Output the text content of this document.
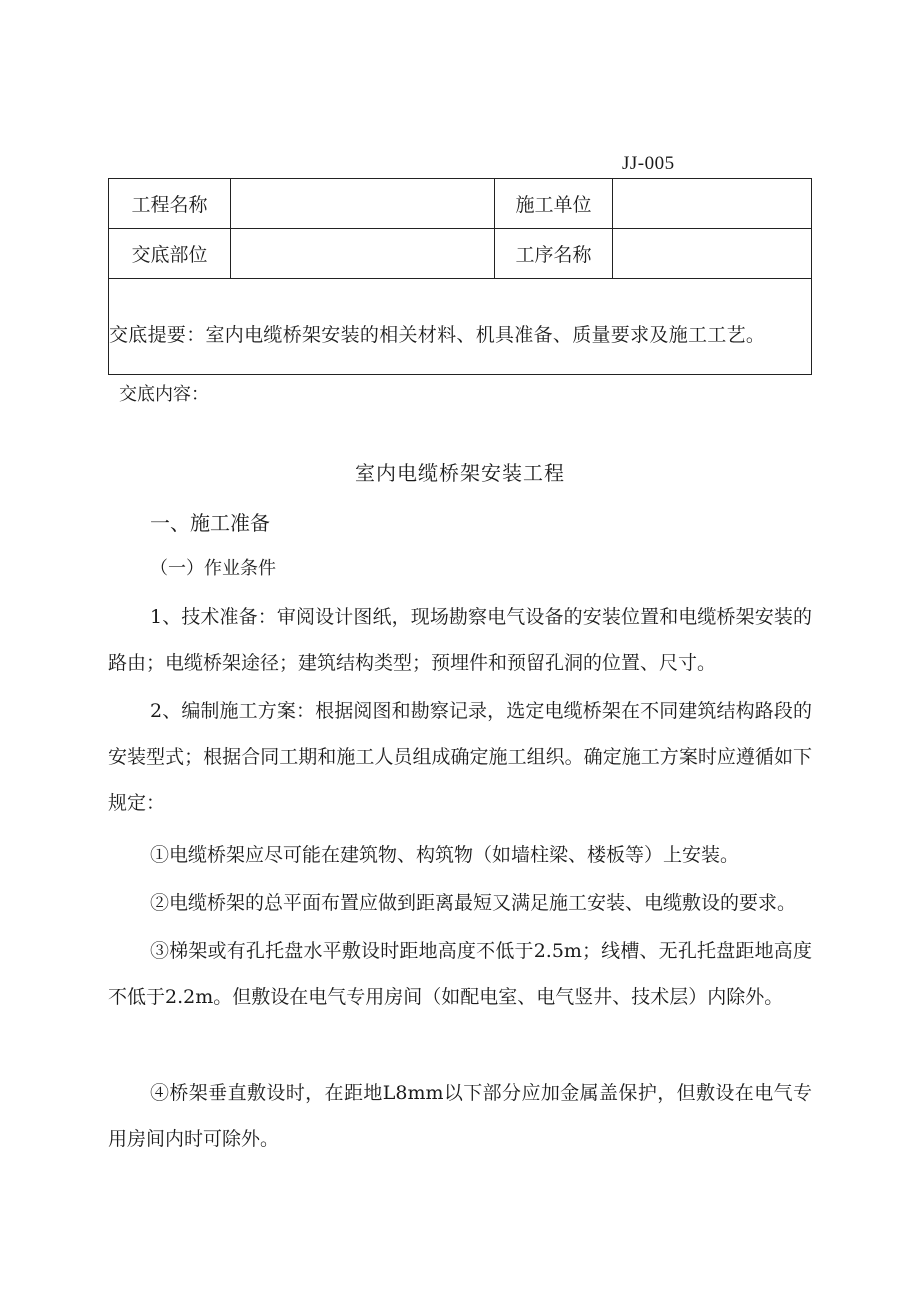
JJ-005
工程名称		施工单位	
交底部位		工序名称	
交底提要：室内电缆桥架安装的相关材料、机具准备、质量要求及施工工艺。			
交底内容：
室内电缆桥架安装工程
一、施工准备
（一）作业条件

1、技术准备：审阅设计图纸，现场勘察电气设备的安装位置和电缆桥架安装的路由；电缆桥架途径；建筑结构类型；预埋件和预留孔洞的位置、尺寸。

2、编制施工方案：根据阅图和勘察记录，选定电缆桥架在不同建筑结构路段的安装型式；根据合同工期和施工人员组成确定施工组织。确定施工方案时应遵循如下规定：

①电缆桥架应尽可能在建筑物、构筑物（如墙柱梁、楼板等）上安装。

②电缆桥架的总平面布置应做到距离最短又满足施工安装、电缆敷设的要求。

③梯架或有孔托盘水平敷设时距地高度不低于2.5m；线槽、无孔托盘距地高度不低于2.2m。但敷设在电气专用房间（如配电室、电气竖井、技术层）内除外。

④桥架垂直敷设时，在距地L8mm以下部分应加金属盖保护，但敷设在电气专用房间内时可除外。
